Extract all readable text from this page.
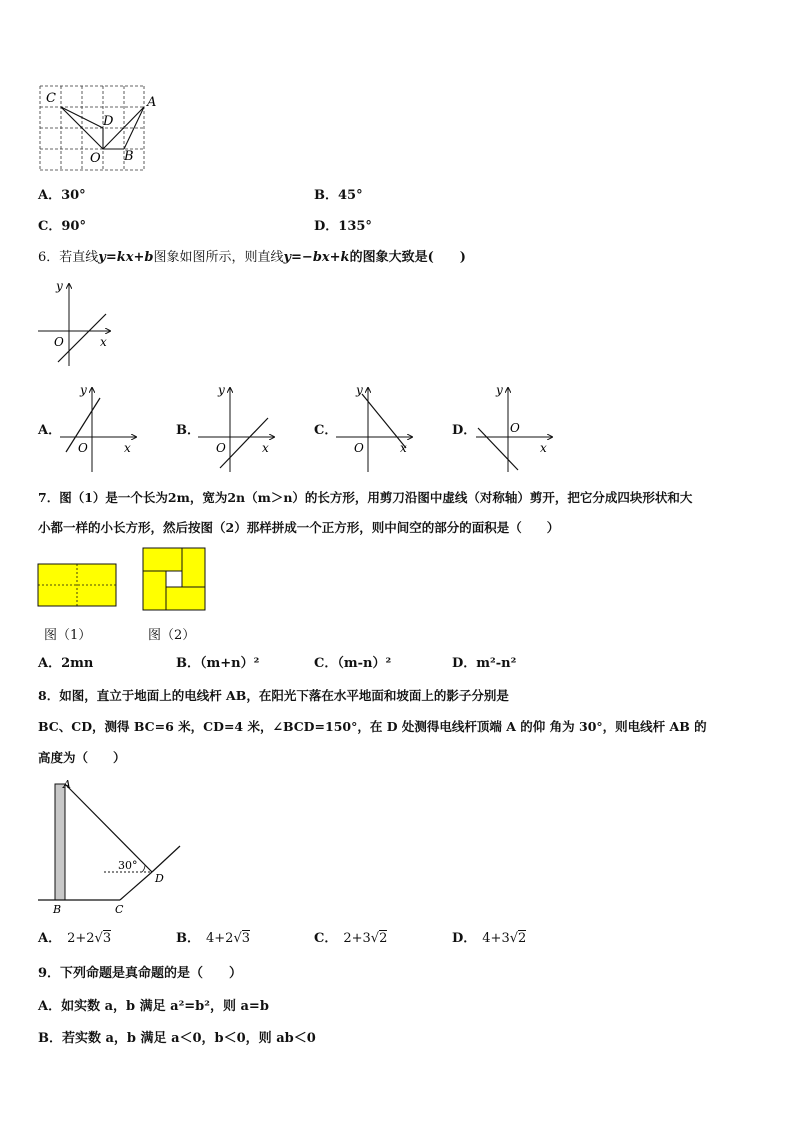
C	A
D
O B
A．30°	B．45°
C．90°	D．135°
6．若直线y=kx+b图象如图所示，则直线y=−bx+k的图象大致是(　　)
y
O	x
A．	B．	C．	D．
y
O	x
y
O	x
y
O	x
y
O
x
7．图（1）是一个长为2m，宽为2n（m＞n）的长方形，用剪刀沿图中虚线（对称轴）剪开，把它分成四块形状和大
小都一样的小长方形，然后按图（2）那样拼成一个正方形，则中间空的部分的面积是（　　）
图（1）	图（2）
A．2mn	B．（m+n）²	C．（m-n）²	D．m²-n²
8．如图，直立于地面上的电线杆 AB，在阳光下落在水平地面和坡面上的影子分别是
BC、CD，测得 BC=6 米，CD=4 米，∠BCD=150°，在 D 处测得电线杆顶端 A 的仰 角为 30°，则电线杆 AB 的
高度为（　　）
A
B	C
D
30°
A． 2+2√3	B． 4+2√3	C． 2+3√2	D． 4+3√2
9．下列命题是真命题的是（　　）
A．如实数 a，b 满足 a²=b²，则 a=b
B．若实数 a，b 满足 a＜0，b＜0，则 ab＜0
